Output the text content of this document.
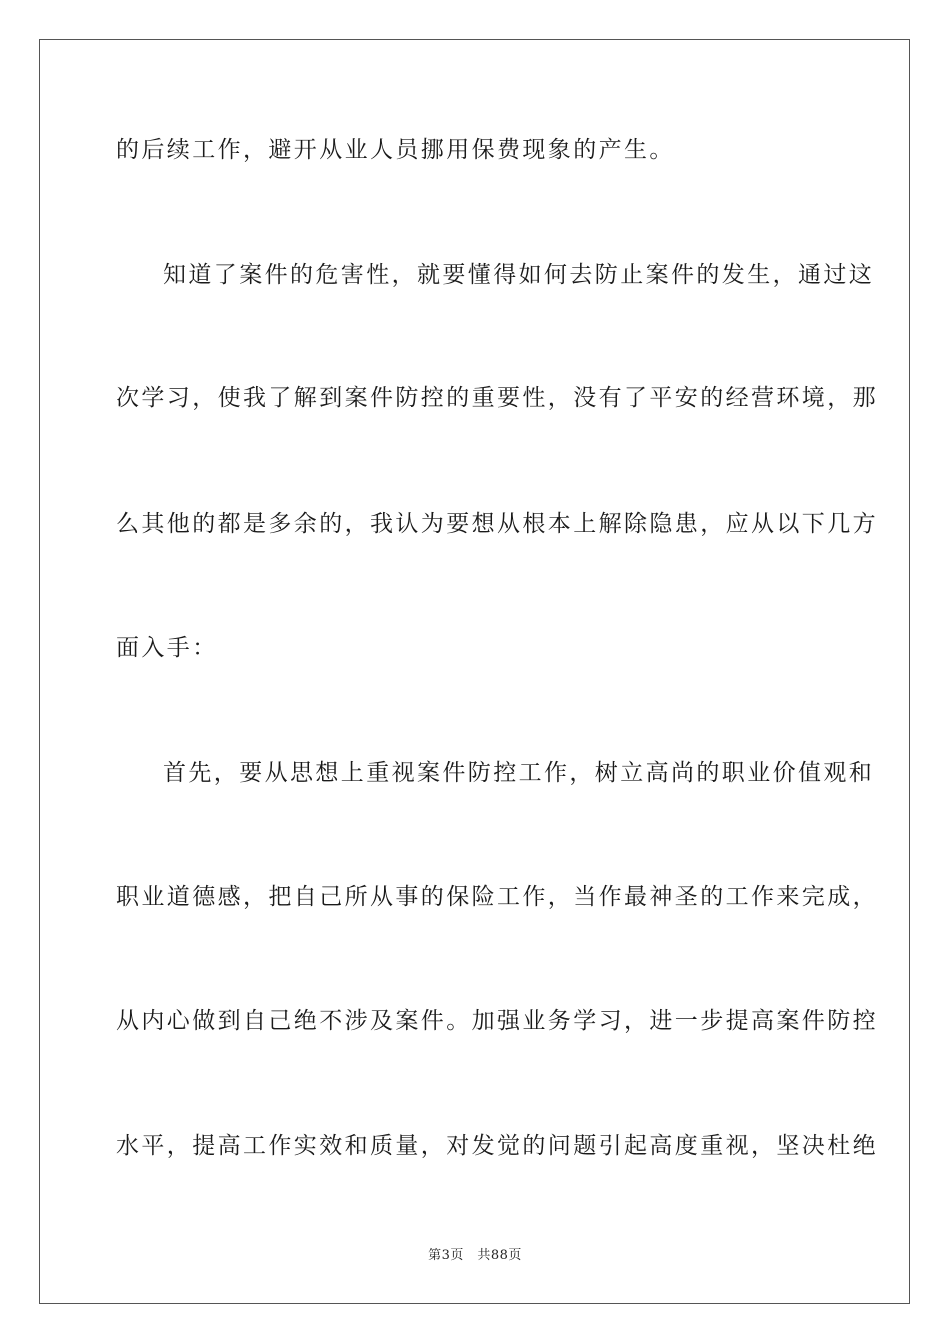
的后续工作，避开从业人员挪用保费现象的产生。
知道了案件的危害性，就要懂得如何去防止案件的发生，通过这
次学习，使我了解到案件防控的重要性，没有了平安的经营环境，那
么其他的都是多余的，我认为要想从根本上解除隐患，应从以下几方
面入手：
首先，要从思想上重视案件防控工作，树立高尚的职业价值观和
职业道德感，把自己所从事的保险工作，当作最神圣的工作来完成，
从内心做到自己绝不涉及案件。加强业务学习，进一步提高案件防控
水平，提高工作实效和质量，对发觉的问题引起高度重视，坚决杜绝
第3页　共88页
